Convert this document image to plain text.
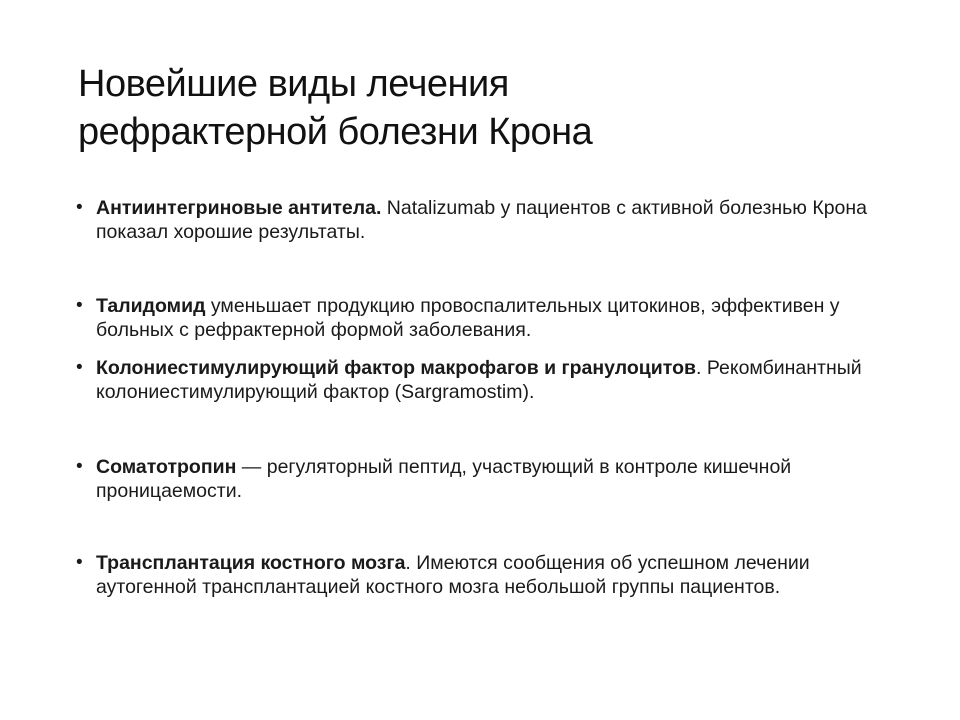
Новейшие виды лечения
рефрактерной болезни Крона
• Антиинтегриновые антитела. Natalizumab у пациентов с активной болезнью Крона показал хорошие результаты.
• Талидомид уменьшает продукцию провоспалительных цитокинов, эффективен у больных с рефрактерной формой заболевания.
• Колониестимулирующий фактор макрофагов и гранулоцитов. Рекомбинантный колониестимулирующий фактор (Sargramostim).
• Соматотропин — регуляторный пептид, участвующий в контроле кишечной проницаемости.
• Трансплантация костного мозга. Имеются сообщения об успешном лечении аутогенной трансплантацией костного мозга небольшой группы пациентов.
